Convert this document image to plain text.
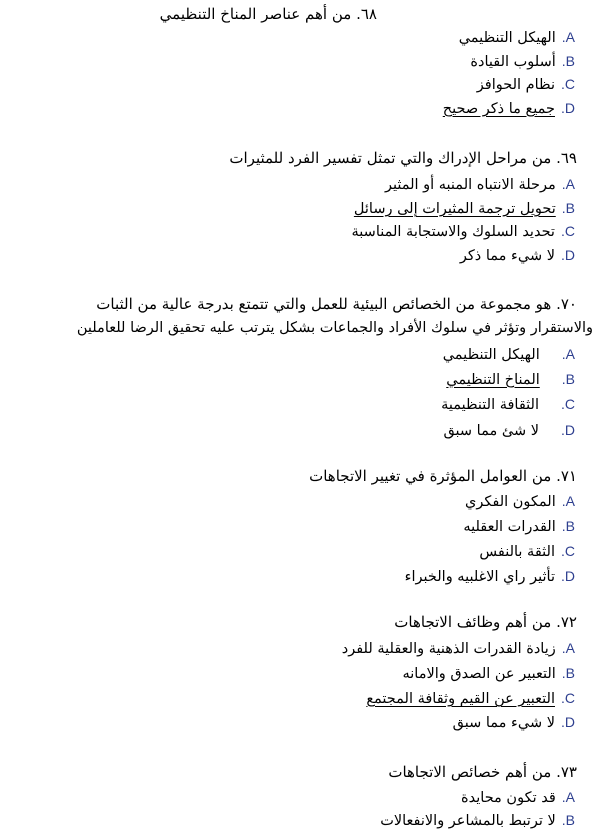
٦٨. من أهم عناصر المناخ التنظيمي
A.الهيكل التنظيمي
B.أسلوب القيادة
C.نظام الحوافز
D.جميع ما ذكر صحيح
٦٩. من مراحل الإدراك والتي تمثل تفسير الفرد للمثيرات
A.مرحلة الانتباه المنبه أو المثير
B.تحويل ترجمة المثيرات إلى رسائل
C.تحديد السلوك والاستجابة المناسبة
D.لا شيء مما ذكر
٧٠. هو مجموعة من الخصائص البيئية للعمل والتي تتمتع بدرجة عالية من الثبات
والاستقرار وتؤثر في سلوك الأفراد والجماعات بشكل يترتب عليه تحقيق الرضا للعاملين
A.الهيكل التنظيمي
B.المناخ التنظيمي
C.الثقافة التنظيمية
D.لا شئ مما سبق
٧١. من العوامل المؤثرة في تغيير الاتجاهات
A.المكون الفكري
B.القدرات العقليه
C.الثقة بالنفس
D.تأثير راي الاغلبيه والخبراء
٧٢. من أهم وظائف الاتجاهات
A.زيادة القدرات الذهنية والعقلية للفرد
B.التعبير عن الصدق والامانه
C.التعبير عن القيم وثقافة المجتمع
D.لا شيء مما سبق
٧٣. من أهم خصائص الاتجاهات
A.قد تكون محايدة
B.لا ترتبط بالمشاعر والانفعالات
